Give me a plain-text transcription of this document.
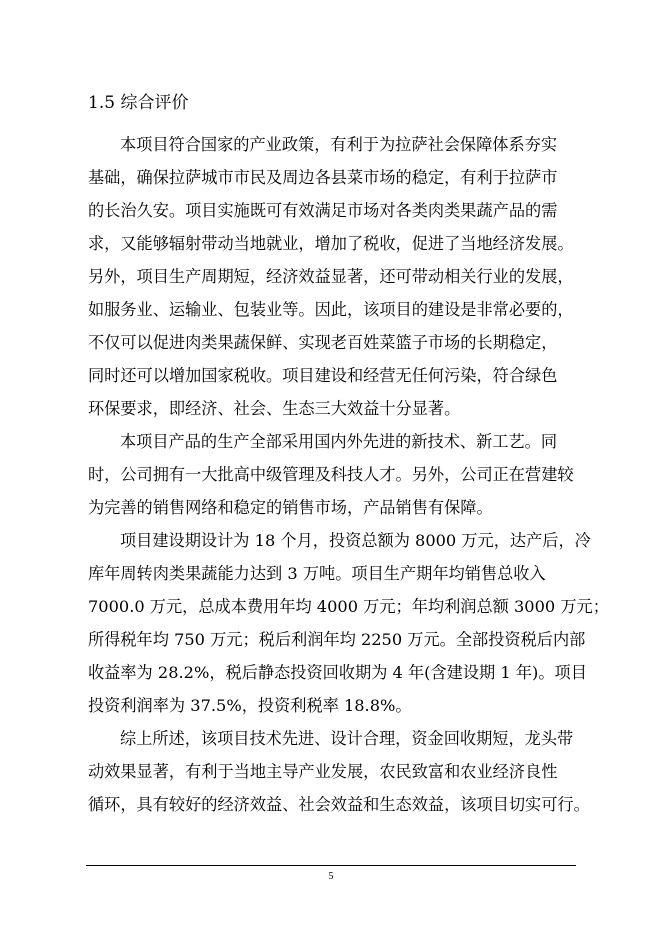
1.5 综合评价

本项目符合国家的产业政策，有利于为拉萨社会保障体系夯实

基础，确保拉萨城市市民及周边各县菜市场的稳定，有利于拉萨市

的长治久安。项目实施既可有效满足市场对各类肉类果蔬产品的需

求，又能够辐射带动当地就业，增加了税收，促进了当地经济发展。

另外，项目生产周期短，经济效益显著，还可带动相关行业的发展，

如服务业、运输业、包装业等。因此，该项目的建设是非常必要的，

不仅可以促进肉类果蔬保鲜、实现老百姓菜篮子市场的长期稳定，

同时还可以增加国家税收。项目建设和经营无任何污染，符合绿色

环保要求，即经济、社会、生态三大效益十分显著。

本项目产品的生产全部采用国内外先进的新技术、新工艺。同

时，公司拥有一大批高中级管理及科技人才。另外，公司正在营建较

为完善的销售网络和稳定的销售市场，产品销售有保障。

项目建设期设计为 18 个月，投资总额为 8000 万元，达产后，冷

库年周转肉类果蔬能力达到 3 万吨。项目生产期年均销售总收入

7000.0 万元，总成本费用年均 4000 万元；年均利润总额 3000 万元；

所得税年均 750 万元；税后利润年均 2250 万元。全部投资税后内部

收益率为 28.2%，税后静态投资回收期为 4 年(含建设期 1 年)。项目

投资利润率为 37.5%，投资利税率 18.8%。

综上所述，该项目技术先进、设计合理，资金回收期短，龙头带

动效果显著，有利于当地主导产业发展，农民致富和农业经济良性

循环，具有较好的经济效益、社会效益和生态效益，该项目切实可行。

5
